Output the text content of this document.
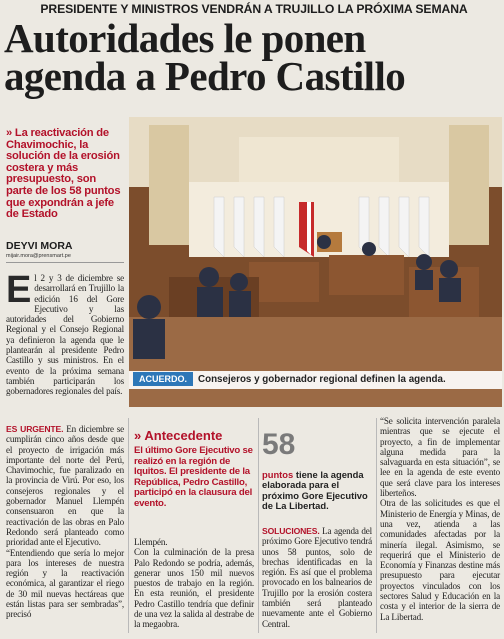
PRESIDENTE Y MINISTROS VENDRÁN A TRUJILLO LA PRÓXIMA SEMANA
Autoridades le ponen
agenda a Pedro Castillo
» La reactivación de Chavimochic, la solución de la erosión costera y más presupuesto, son parte de los 58 puntos que expondrán a jefe de Estado
DEYVI MORA
mijair.mora@prensmart.pe
ACUERDO. Consejeros y gobernador regional definen la agenda.

El 2 y 3 de diciembre se desarrollará en Trujillo la edición 16 del Gore Ejecutivo y las autoridades del Gobierno Regional y el Consejo Regional ya definieron la agenda que le plantearán al presidente Pedro Castillo y sus ministros. En el evento de la próxima semana también participarán los gobernadores regionales del país.

ES URGENTE. En diciembre se cumplirán cinco años desde que el proyecto de irrigación más importante del norte del Perú, Chavimochic, fue paralizado en la provincia de Virú. Por eso, los consejeros regionales y el gobernador Manuel Llempén consensuaron en que la reactivación de las obras en Palo Redondo será planteado como prioridad ante el Ejecutivo.

“Entendiendo que sería lo mejor para los intereses de nuestra región y la reactivación económica, al garantizar el riego de 30 mil nuevas hectáreas que están listas para ser sembradas”, precisó

» Antecedente
El último Gore Ejecutivo se realizó en la región de Iquitos. El presidente de la República, Pedro Castillo, participó en la clausura del evento.
Llempén.
Con la culminación de la presa Palo Redondo se podría, además, generar unos 150 mil nuevos puestos de trabajo en la región. En esta reunión, el presidente Pedro Castillo tendría que definir de una vez la salida al destrabe de la megaobra.
58
puntos tiene la agenda elaborada para el próximo Gore Ejecutivo de La Libertad.

SOLUCIONES. La agenda del próximo Gore Ejecutivo tendrá unos 58 puntos, solo de brechas identificadas en la región. Es así que el problema provocado en los balnearios de Trujillo por la erosión costera también será planteado nuevamente ante el Gobierno Central.

“Se solicita intervención paralela mientras que se ejecute el proyecto, a fin de implementar alguna medida para la salvaguarda en esta situación”, se lee en la agenda de este evento que será clave para los intereses liberteños.
Otra de las solicitudes es que el Ministerio de Energía y Minas, de una vez, atienda a las comunidades afectadas por la minería ilegal. Asimismo, se requerirá que el Ministerio de Economía y Finanzas destine más presupuesto para ejecutar proyectos vinculados con los sectores Salud y Educación en la costa y el interior de la sierra de La Libertad.
